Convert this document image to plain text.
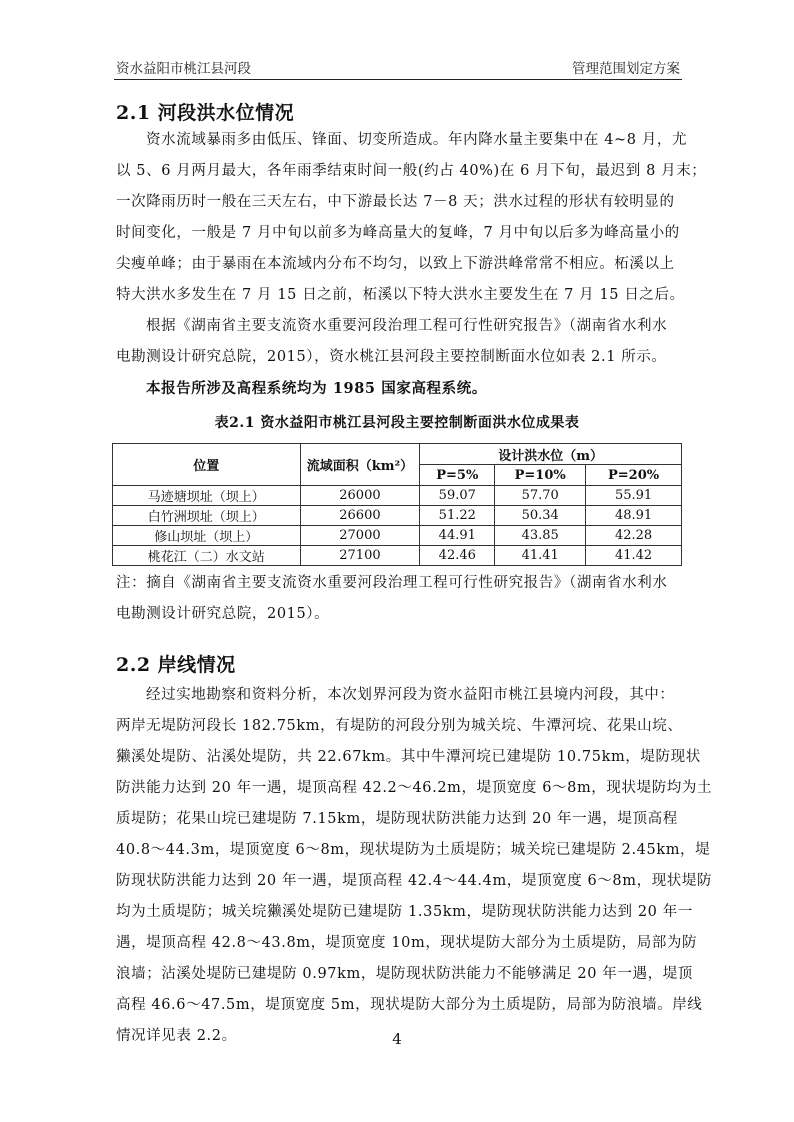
资水益阳市桃江县河段	管理范围划定方案
2.1 河段洪水位情况
资水流域暴雨多由低压、锋面、切变所造成。年内降水量主要集中在 4~8 月，尤
以 5、6 月两月最大，各年雨季结束时间一般(约占 40%)在 6 月下旬，最迟到 8 月末；
一次降雨历时一般在三天左右，中下游最长达 7－8 天；洪水过程的形状有较明显的
时间变化，一般是 7 月中旬以前多为峰高量大的复峰，7 月中旬以后多为峰高量小的
尖瘦单峰；由于暴雨在本流域内分布不均匀，以致上下游洪峰常常不相应。柘溪以上
特大洪水多发生在 7 月 15 日之前，柘溪以下特大洪水主要发生在 7 月 15 日之后。
根据《湖南省主要支流资水重要河段治理工程可行性研究报告》（湖南省水利水
电勘测设计研究总院，2015），资水桃江县河段主要控制断面水位如表 2.1 所示。
本报告所涉及高程系统均为 1985 国家高程系统。
表2.1 资水益阳市桃江县河段主要控制断面洪水位成果表
位置	流域面积（km²）	设计洪水位（m）		
		P=5%	P=10%	P=20%
马迹塘坝址（坝上）	26000	59.07	57.70	55.91
白竹洲坝址（坝上）	26600	51.22	50.34	48.91
修山坝址（坝上）	27000	44.91	43.85	42.28
桃花江（二）水文站	27100	42.46	41.41	41.42
注：摘自《湖南省主要支流资水重要河段治理工程可行性研究报告》（湖南省水利水
电勘测设计研究总院，2015）。
2.2 岸线情况
经过实地勘察和资料分析，本次划界河段为资水益阳市桃江县境内河段，其中：
两岸无堤防河段长 182.75km，有堤防的河段分别为城关垸、牛潭河垸、花果山垸、
獭溪处堤防、沾溪处堤防，共 22.67km。其中牛潭河垸已建堤防 10.75km，堤防现状
防洪能力达到 20 年一遇，堤顶高程 42.2～46.2m，堤顶宽度 6～8m，现状堤防均为土
质堤防；花果山垸已建堤防 7.15km，堤防现状防洪能力达到 20 年一遇，堤顶高程
40.8～44.3m，堤顶宽度 6～8m，现状堤防为土质堤防；城关垸已建堤防 2.45km，堤
防现状防洪能力达到 20 年一遇，堤顶高程 42.4～44.4m，堤顶宽度 6～8m，现状堤防
均为土质堤防；城关垸獭溪处堤防已建堤防 1.35km，堤防现状防洪能力达到 20 年一
遇，堤顶高程 42.8～43.8m，堤顶宽度 10m，现状堤防大部分为土质堤防，局部为防
浪墙；沾溪处堤防已建堤防 0.97km，堤防现状防洪能力不能够满足 20 年一遇，堤顶
高程 46.6～47.5m，堤顶宽度 5m，现状堤防大部分为土质堤防，局部为防浪墙。岸线
情况详见表 2.2。	4
